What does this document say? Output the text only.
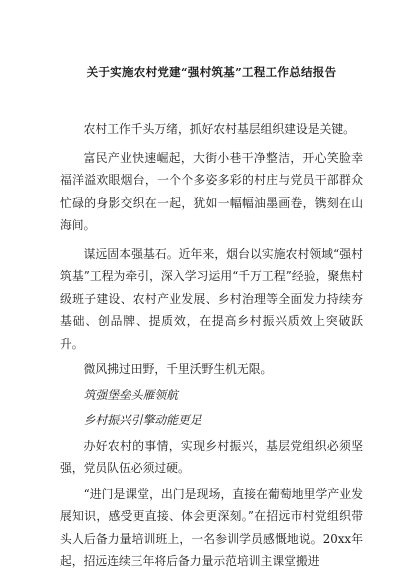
关于实施农村党建“强村筑基”工程工作总结报告

农村工作千头万绪，抓好农村基层组织建设是关键。

富民产业快速崛起，大街小巷干净整洁，开心笑脸幸福洋溢欢眼烟台，一个个多姿多彩的村庄与党员干部群众忙碌的身影交织在一起，犹如一幅幅油墨画卷，镌刻在山海间。

谋远固本强基石。近年来，烟台以实施农村领域“强村筑基”工程为牵引，深入学习运用“千万工程”经验，聚焦村级班子建设、农村产业发展、乡村治理等全面发力持续夯基础、创品牌、提质效，在提高乡村振兴质效上突破跃升。

微风拂过田野，千里沃野生机无限。

筑强堡垒头雁领航

乡村振兴引擎动能更足

办好农村的事情，实现乡村振兴，基层党组织必须坚强，党员队伍必须过硬。

“进门是课堂，出门是现场，直接在葡萄地里学产业发展知识，感受更直接、体会更深刻。”在招远市村党组织带头人后备力量培训班上，一名参训学员感慨地说。20xx年起，招远连续三年将后备力量示范培训主课堂搬进
